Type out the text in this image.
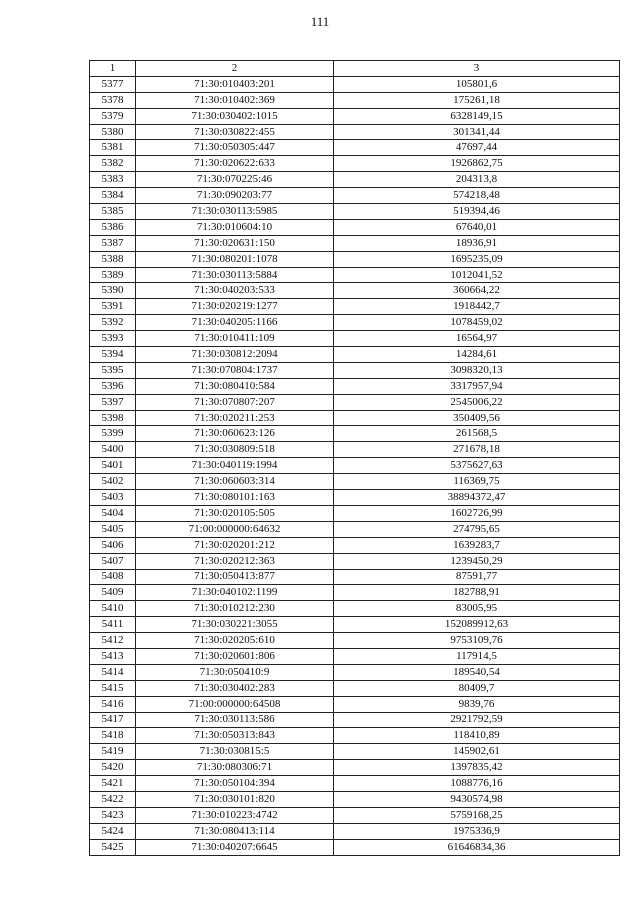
111
1	2	3
5377	71:30:010403:201	105801,6
5378	71:30:010402:369	175261,18
5379	71:30:030402:1015	6328149,15
5380	71:30:030822:455	301341,44
5381	71:30:050305:447	47697,44
5382	71:30:020622:633	1926862,75
5383	71:30:070225:46	204313,8
5384	71:30:090203:77	574218,48
5385	71:30:030113:5985	519394,46
5386	71:30:010604:10	67640,01
5387	71:30:020631:150	18936,91
5388	71:30:080201:1078	1695235,09
5389	71:30:030113:5884	1012041,52
5390	71:30:040203:533	360664,22
5391	71:30:020219:1277	1918442,7
5392	71:30:040205:1166	1078459,02
5393	71:30:010411:109	16564,97
5394	71:30:030812:2094	14284,61
5395	71:30:070804:1737	3098320,13
5396	71:30:080410:584	3317957,94
5397	71:30:070807:207	2545006,22
5398	71:30:020211:253	350409,56
5399	71:30:060623:126	261568,5
5400	71:30:030809:518	271678,18
5401	71:30:040119:1994	5375627,63
5402	71:30:060603:314	116369,75
5403	71:30:080101:163	38894372,47
5404	71:30:020105:505	1602726,99
5405	71:00:000000:64632	274795,65
5406	71:30:020201:212	1639283,7
5407	71:30:020212:363	1239450,29
5408	71:30:050413:877	87591,77
5409	71:30:040102:1199	182788,91
5410	71:30:010212:230	83005,95
5411	71:30:030221:3055	152089912,63
5412	71:30:020205:610	9753109,76
5413	71:30:020601:806	117914,5
5414	71:30:050410:9	189540,54
5415	71:30:030402:283	80409,7
5416	71:00:000000:64508	9839,76
5417	71:30:030113:586	2921792,59
5418	71:30:050313:843	118410,89
5419	71:30:030815:5	145902,61
5420	71:30:080306:71	1397835,42
5421	71:30:050104:394	1088776,16
5422	71:30:030101:820	9430574,98
5423	71:30:010223:4742	5759168,25
5424	71:30:080413:114	1975336,9
5425	71:30:040207:6645	61646834,36
